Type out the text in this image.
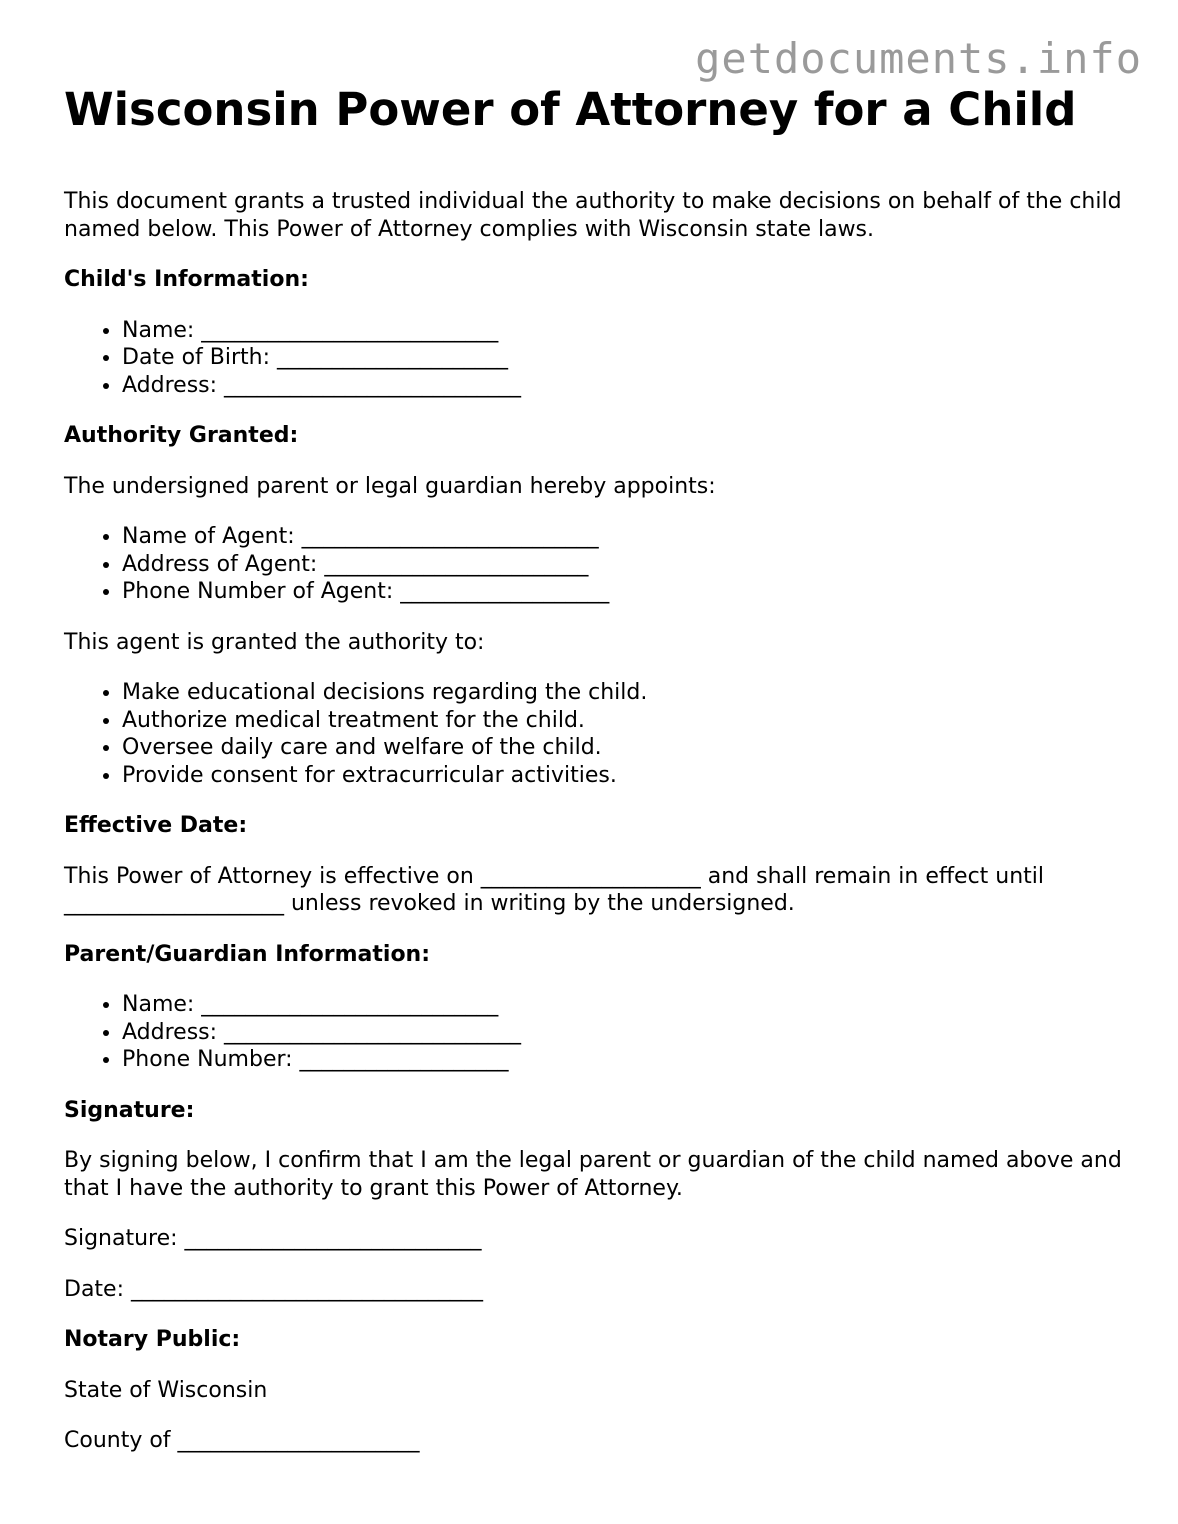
getdocuments.info
Wisconsin Power of Attorney for a Child

This document grants a trusted individual the authority to make decisions on behalf of the child named below. This Power of Attorney complies with Wisconsin state laws.

Child's Information:

• Name: ___________________________
• Date of Birth: _____________________
• Address: ___________________________

Authority Granted:

The undersigned parent or legal guardian hereby appoints:

• Name of Agent: ___________________________
• Address of Agent: ________________________
• Phone Number of Agent: ___________________

This agent is granted the authority to:

• Make educational decisions regarding the child.
• Authorize medical treatment for the child.
• Oversee daily care and welfare of the child.
• Provide consent for extracurricular activities.

Effective Date:

This Power of Attorney is effective on ____________________ and shall remain in effect until ____________________ unless revoked in writing by the undersigned.

Parent/Guardian Information:

• Name: ___________________________
• Address: ___________________________
• Phone Number: ___________________

Signature:

By signing below, I confirm that I am the legal parent or guardian of the child named above and that I have the authority to grant this Power of Attorney.

Signature: ___________________________

Date: ________________________________

Notary Public:

State of Wisconsin

County of ______________________
